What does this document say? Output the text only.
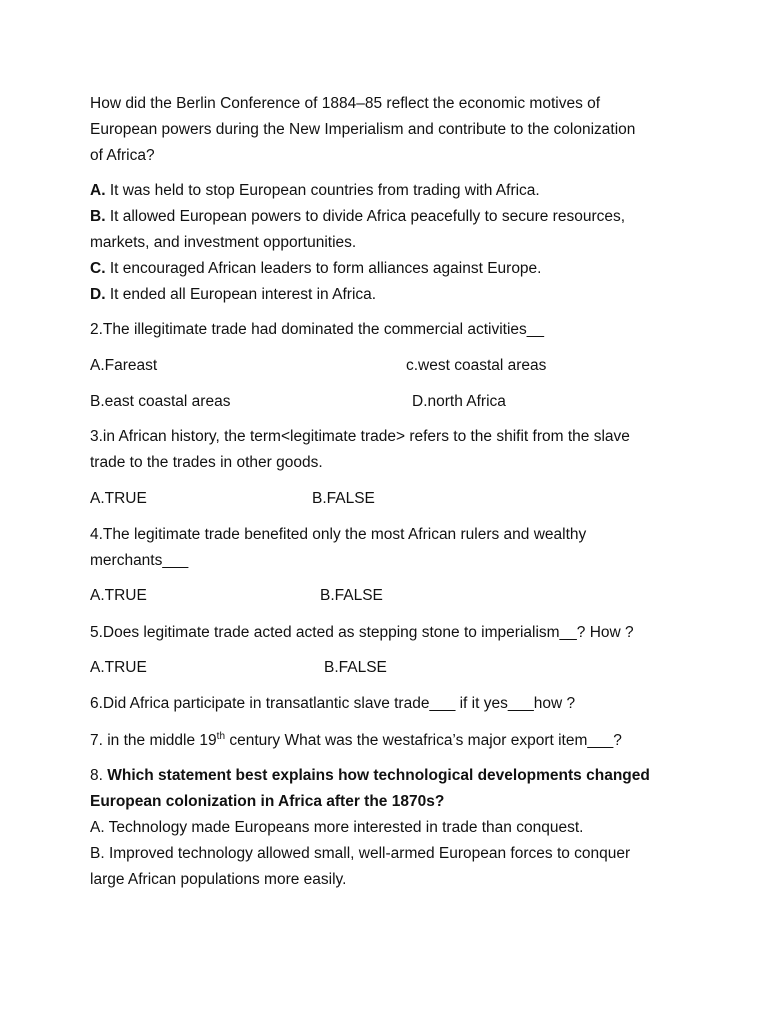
How did the Berlin Conference of 1884–85 reflect the economic motives of
European powers during the New Imperialism and contribute to the colonization
of Africa?
A. It was held to stop European countries from trading with Africa.
B. It allowed European powers to divide Africa peacefully to secure resources,
markets, and investment opportunities.
C. It encouraged African leaders to form alliances against Europe.
D. It ended all European interest in Africa.
2.The illegitimate trade had dominated the commercial activities__
A.Fareast	c.west coastal areas
B.east coastal areas	D.north Africa
3.in African history, the term<legitimate trade> refers to the shifit from the slave
trade to the trades in other goods.
A.TRUE	B.FALSE
4.The legitimate trade benefited only the most African rulers and wealthy
merchants___
A.TRUE	B.FALSE
5.Does legitimate trade acted acted as stepping stone to imperialism__? How ?
A.TRUE	B.FALSE
6.Did Africa participate in transatlantic slave trade___ if it yes___how ?
7. in the middle 19th century What was the westafrica’s major export item___?
8. Which statement best explains how technological developments changed
European colonization in Africa after the 1870s?
A. Technology made Europeans more interested in trade than conquest.
B. Improved technology allowed small, well-armed European forces to conquer
large African populations more easily.
